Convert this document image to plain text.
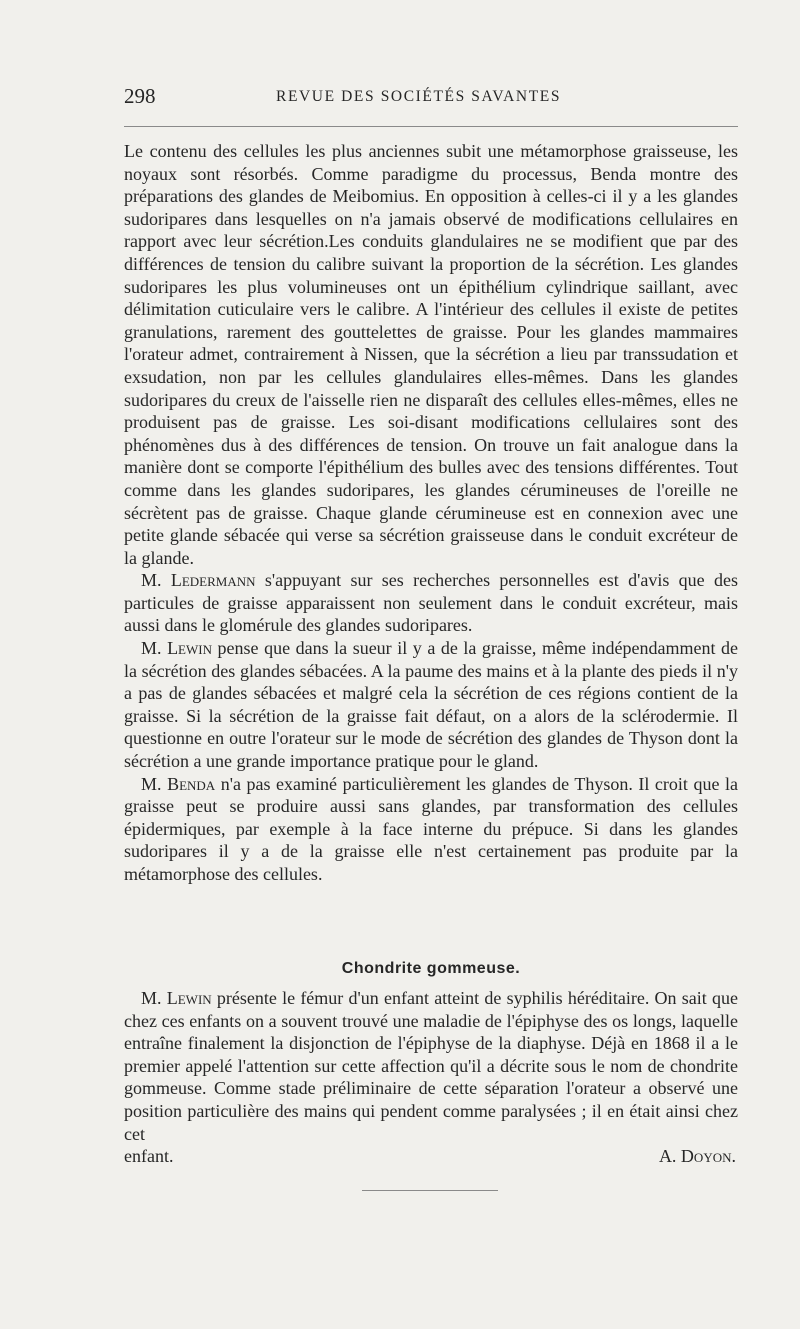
298	REVUE DES SOCIÉTÉS SAVANTES

Le contenu des cellules les plus anciennes subit une métamorphose graisseuse, les noyaux sont résorbés. Comme paradigme du processus, Benda montre des préparations des glandes de Meibomius. En opposition à celles-ci il y a les glandes sudoripares dans lesquelles on n'a jamais observé de modifications cellulaires en rapport avec leur sécrétion.Les conduits glandulaires ne se modifient que par des différences de tension du calibre suivant la proportion de la sécrétion. Les glandes sudoripares les plus volumineuses ont un épithélium cylindrique saillant, avec délimitation cuticulaire vers le calibre. A l'intérieur des cellules il existe de petites granulations, rarement des gouttelettes de graisse. Pour les glandes mammaires l'orateur admet, contrairement à Nissen, que la sécrétion a lieu par transsudation et exsudation, non par les cellules glandulaires elles-mêmes. Dans les glandes sudoripares du creux de l'aisselle rien ne disparaît des cellules elles-mêmes, elles ne produisent pas de graisse. Les soi-disant modifications cellulaires sont des phénomènes dus à des différences de tension. On trouve un fait analogue dans la manière dont se comporte l'épithélium des bulles avec des tensions différentes. Tout comme dans les glandes sudoripares, les glandes cérumineuses de l'oreille ne sécrètent pas de graisse. Chaque glande cérumineuse est en connexion avec une petite glande sébacée qui verse sa sécrétion graisseuse dans le conduit excréteur de la glande.

M. Ledermann s'appuyant sur ses recherches personnelles est d'avis que des particules de graisse apparaissent non seulement dans le conduit excréteur, mais aussi dans le glomérule des glandes sudoripares.

M. Lewin pense que dans la sueur il y a de la graisse, même indépendamment de la sécrétion des glandes sébacées. A la paume des mains et à la plante des pieds il n'y a pas de glandes sébacées et malgré cela la sécrétion de ces régions contient de la graisse. Si la sécrétion de la graisse fait défaut, on a alors de la sclérodermie. Il questionne en outre l'orateur sur le mode de sécrétion des glandes de Thyson dont la sécrétion a une grande importance pratique pour le gland.

M. Benda n'a pas examiné particulièrement les glandes de Thyson. Il croit que la graisse peut se produire aussi sans glandes, par transformation des cellules épidermiques, par exemple à la face interne du prépuce. Si dans les glandes sudoripares il y a de la graisse elle n'est certainement pas produite par la métamorphose des cellules.

Chondrite gommeuse.

M. Lewin présente le fémur d'un enfant atteint de syphilis héréditaire. On sait que chez ces enfants on a souvent trouvé une maladie de l'épiphyse des os longs, laquelle entraîne finalement la disjonction de l'épiphyse de la diaphyse. Déjà en 1868 il a le premier appelé l'attention sur cette affection qu'il a décrite sous le nom de chondrite gommeuse. Comme stade préliminaire de cette séparation l'orateur a observé une position particulière des mains qui pendent comme paralysées ; il en était ainsi chez cet

enfant.	A. Doyon.
